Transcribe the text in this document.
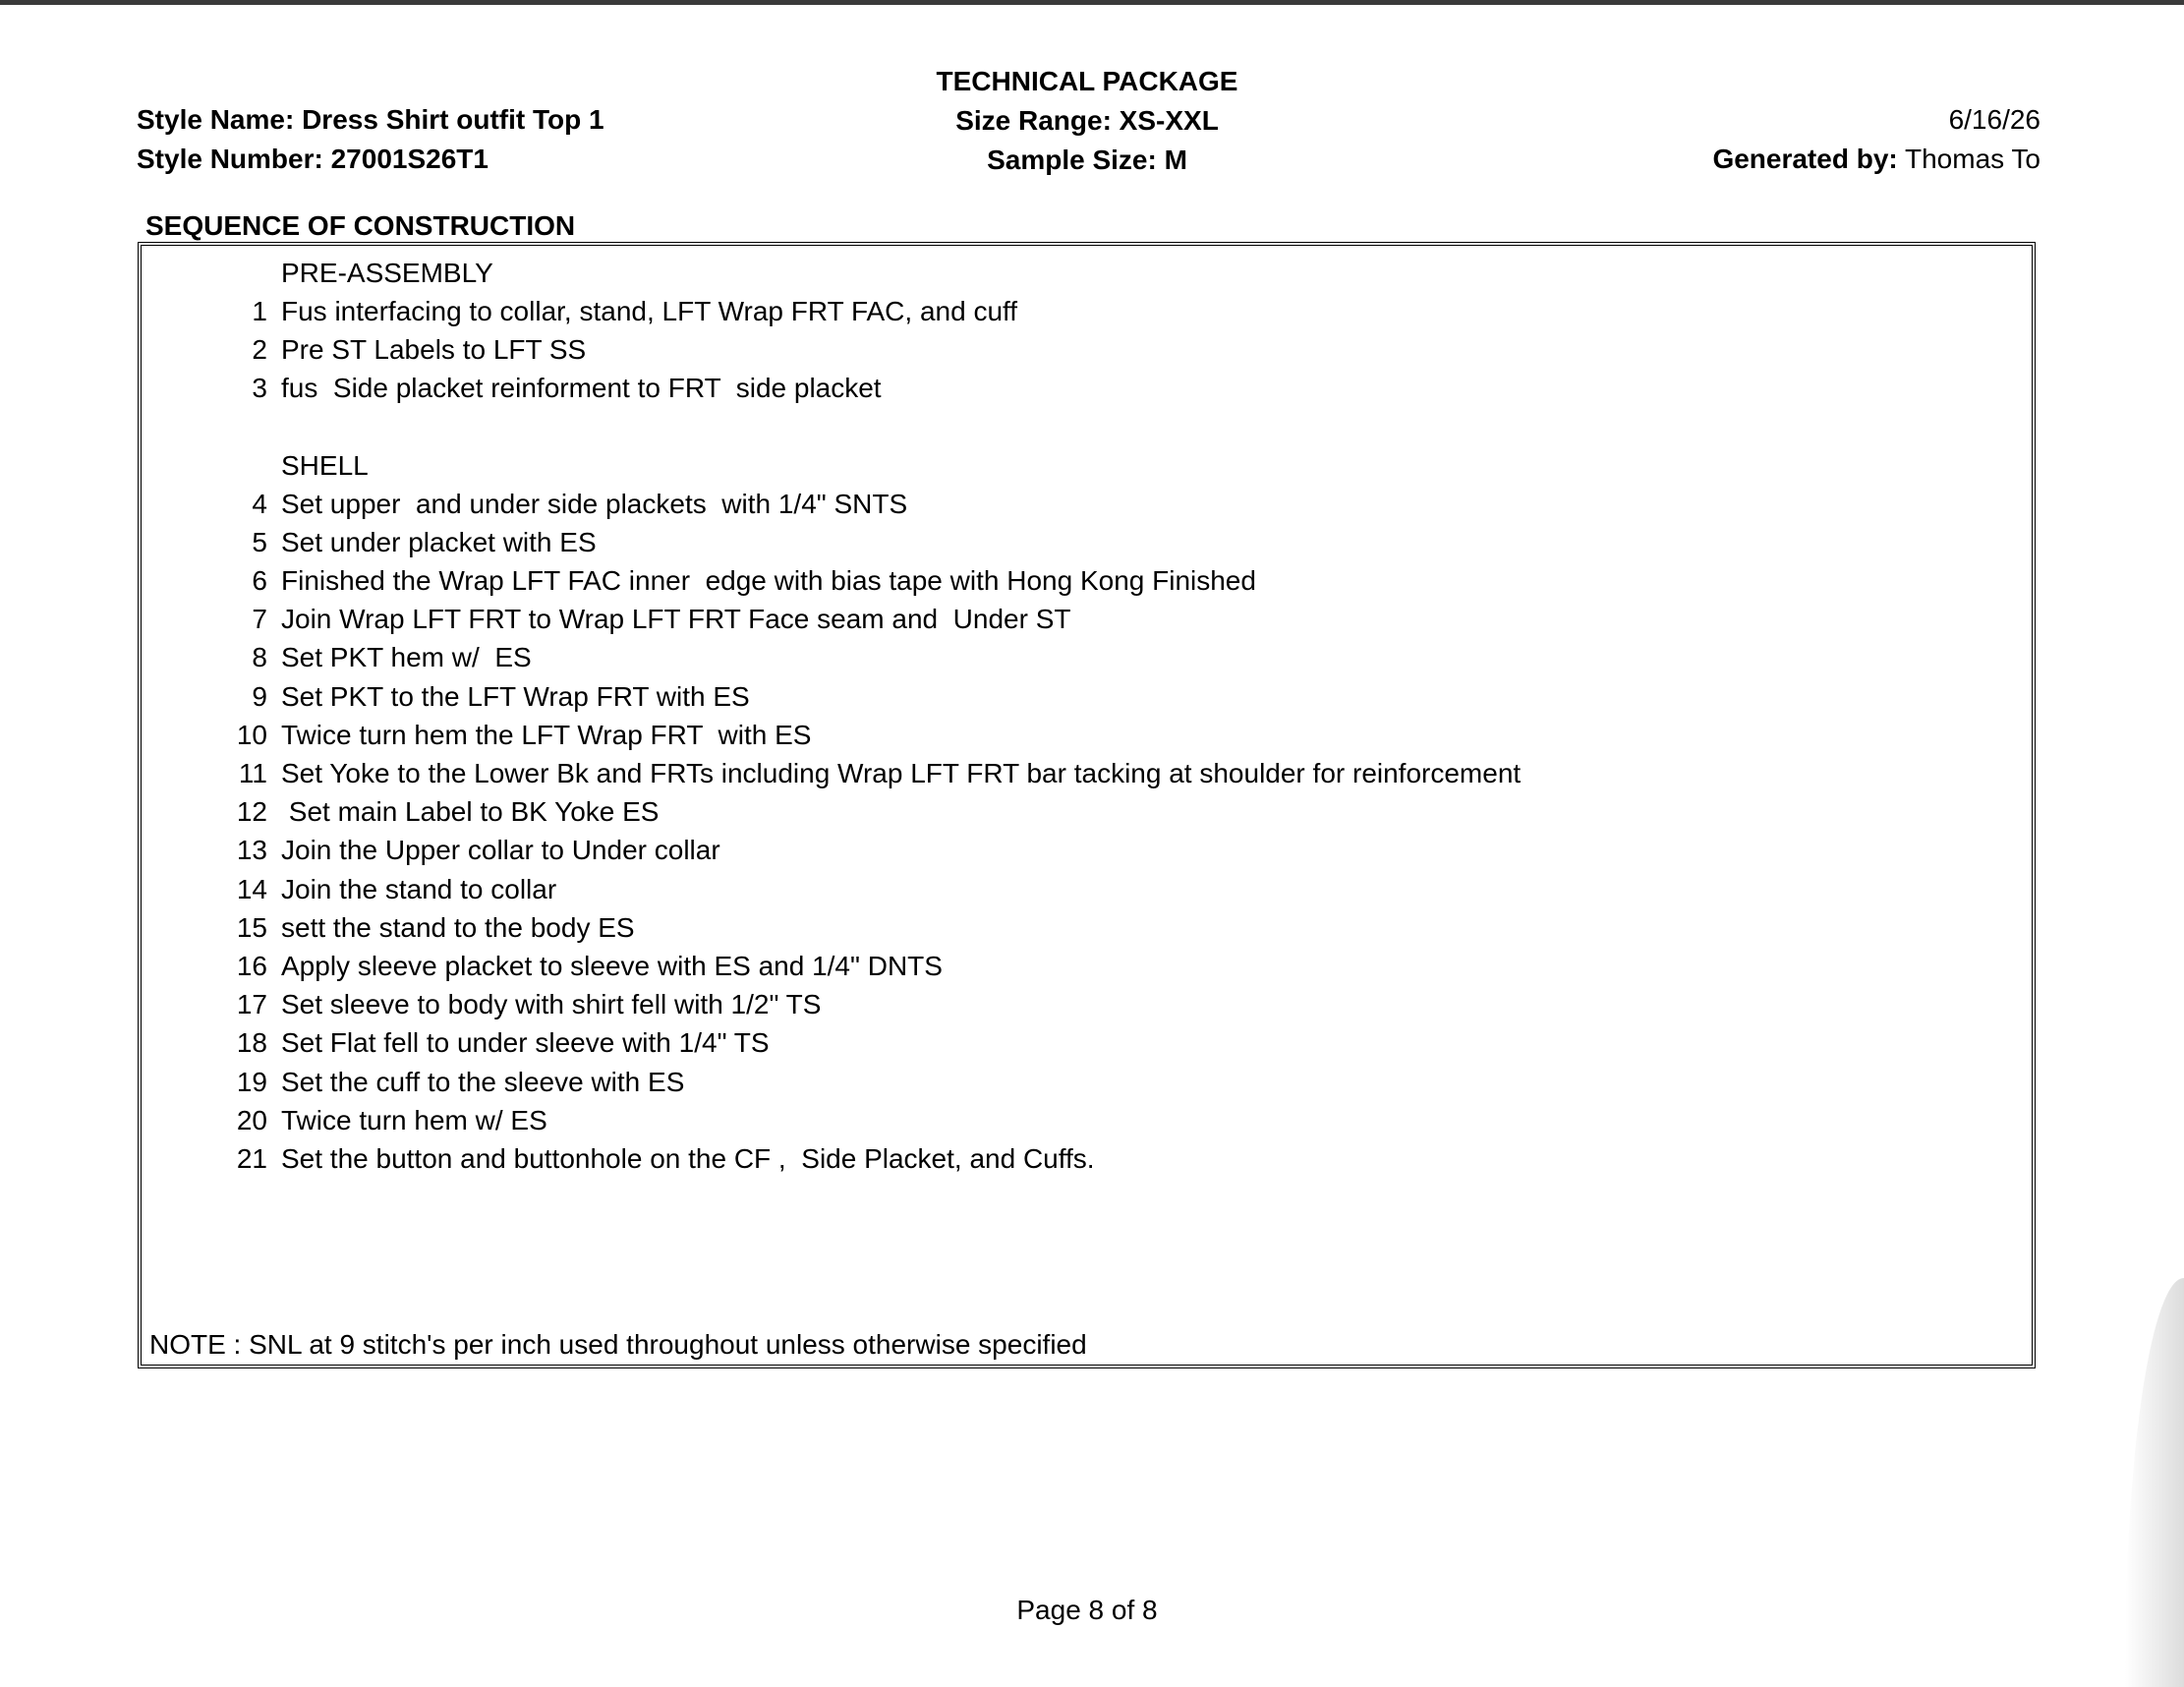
Style Name: Dress Shirt outfit Top 1
Style Number: 27001S26T1
TECHNICAL PACKAGE
Size Range: XS-XXL
Sample Size: M
6/16/26
Generated by: Thomas To
SEQUENCE OF CONSTRUCTION
PRE-ASSEMBLY
1 Fus interfacing to collar, stand, LFT Wrap FRT FAC, and cuff
2 Pre ST Labels to LFT SS
3 fus  Side placket reinforment to FRT  side placket
SHELL
4 Set upper  and under side plackets  with 1/4" SNTS
5 Set under placket with ES
6 Finished the Wrap LFT FAC inner  edge with bias tape with Hong Kong Finished
7 Join Wrap LFT FRT to Wrap LFT FRT Face seam and  Under ST
8 Set PKT hem w/  ES
9 Set PKT to the LFT Wrap FRT with ES
10 Twice turn hem the LFT Wrap FRT  with ES
11 Set Yoke to the Lower Bk and FRTs including Wrap LFT FRT bar tacking at shoulder for reinforcement
12 Set main Label to BK Yoke ES
13 Join the Upper collar to Under collar
14 Join the stand to collar
15 sett the stand to the body ES
16 Apply sleeve placket to sleeve with ES and 1/4" DNTS
17 Set sleeve to body with shirt fell with 1/2" TS
18 Set Flat fell to under sleeve with 1/4" TS
19 Set the cuff to the sleeve with ES
20 Twice turn hem w/ ES
21 Set the button and buttonhole on the CF ,  Side Placket, and Cuffs.
NOTE : SNL at 9 stitch's per inch used throughout unless otherwise specified
Page 8 of 8
